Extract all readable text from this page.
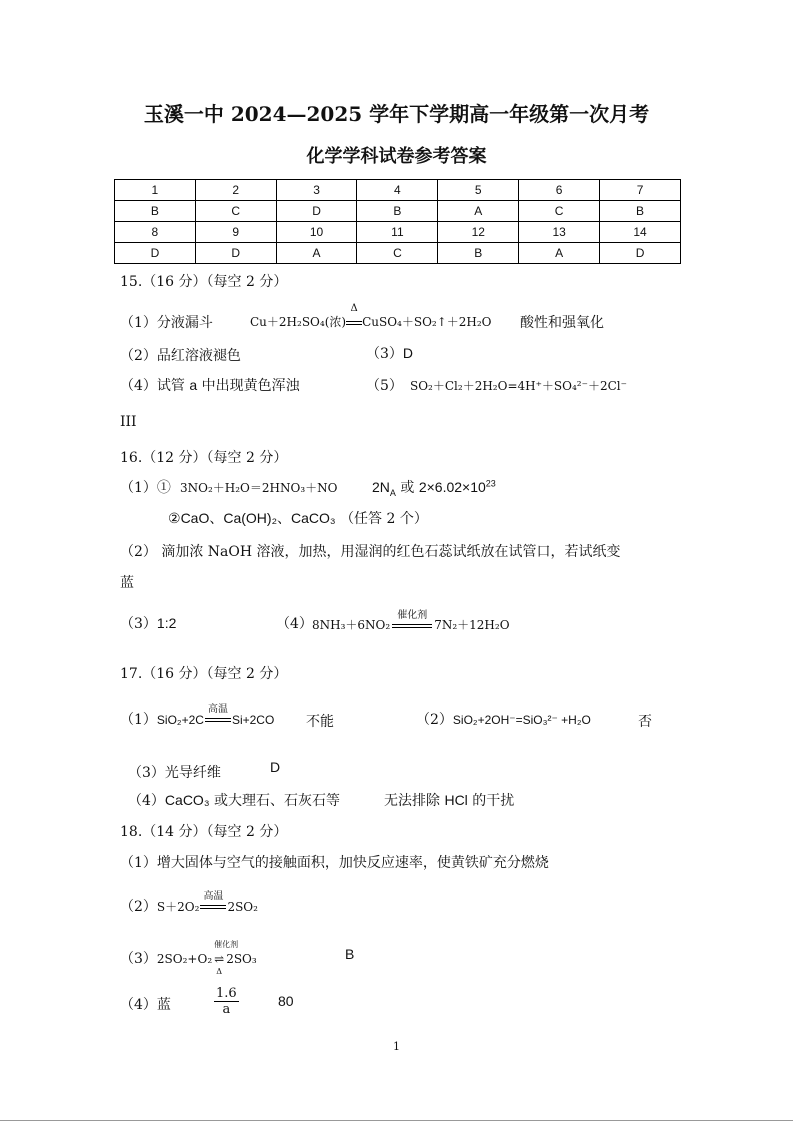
玉溪一中 2024—2025 学年下学期高一年级第一次月考
化学学科试卷参考答案
1	2	3	4	5	6	7
B	C	D	B	A	C	B
8	9	10	11	12	13	14
D	D	A	C	B	A	D
15.（16 分）（每空 2 分）
（1）分液漏斗	Cu＋2H₂SO₄(浓)
Δ
CuSO₄＋SO₂↑＋2H₂O 酸性和强氧化
（2）品红溶液褪色	（3）D
（4）试管 a 中出现黄色浑浊	（5） SO₂＋Cl₂＋2H₂O=4H⁺＋SO₄²⁻＋2Cl⁻
III
16.（12 分）（每空 2 分）
（1）① 3NO₂＋H₂O＝2HNO₃＋NO $2N_A$ 或 $2\times 6.02\times 10^{23}$
②CaO、Ca(OH)₂、CaCO₃ （任答 2 个）
（2） 滴加浓 NaOH 溶液，加热，用湿润的红色石蕊试纸放在试管口，若试纸变
蓝
（3）1:2	（4） 8NH₃＋6NO₂
催化剂
7N₂＋12H₂O
17.（16 分）（每空 2 分）
（1）SiO₂+2C
高温
Si+2CO 不能	（2）SiO₂+2OH⁻=SiO₃²⁻ +H₂O	否
（3）光导纤维	D
（4）CaCO₃ 或大理石、石灰石等	无法排除 HCl 的干扰
18.（14 分）（每空 2 分）
（1）增大固体与空气的接触面积，加快反应速率，使黄铁矿充分燃烧
（2）S＋2O₂
高温
2SO₂
（3）2SO₂+O₂
催化剂
⇌
Δ
2SO₃	B
（4）蓝	$\frac{1.6}{a}$	80
1
